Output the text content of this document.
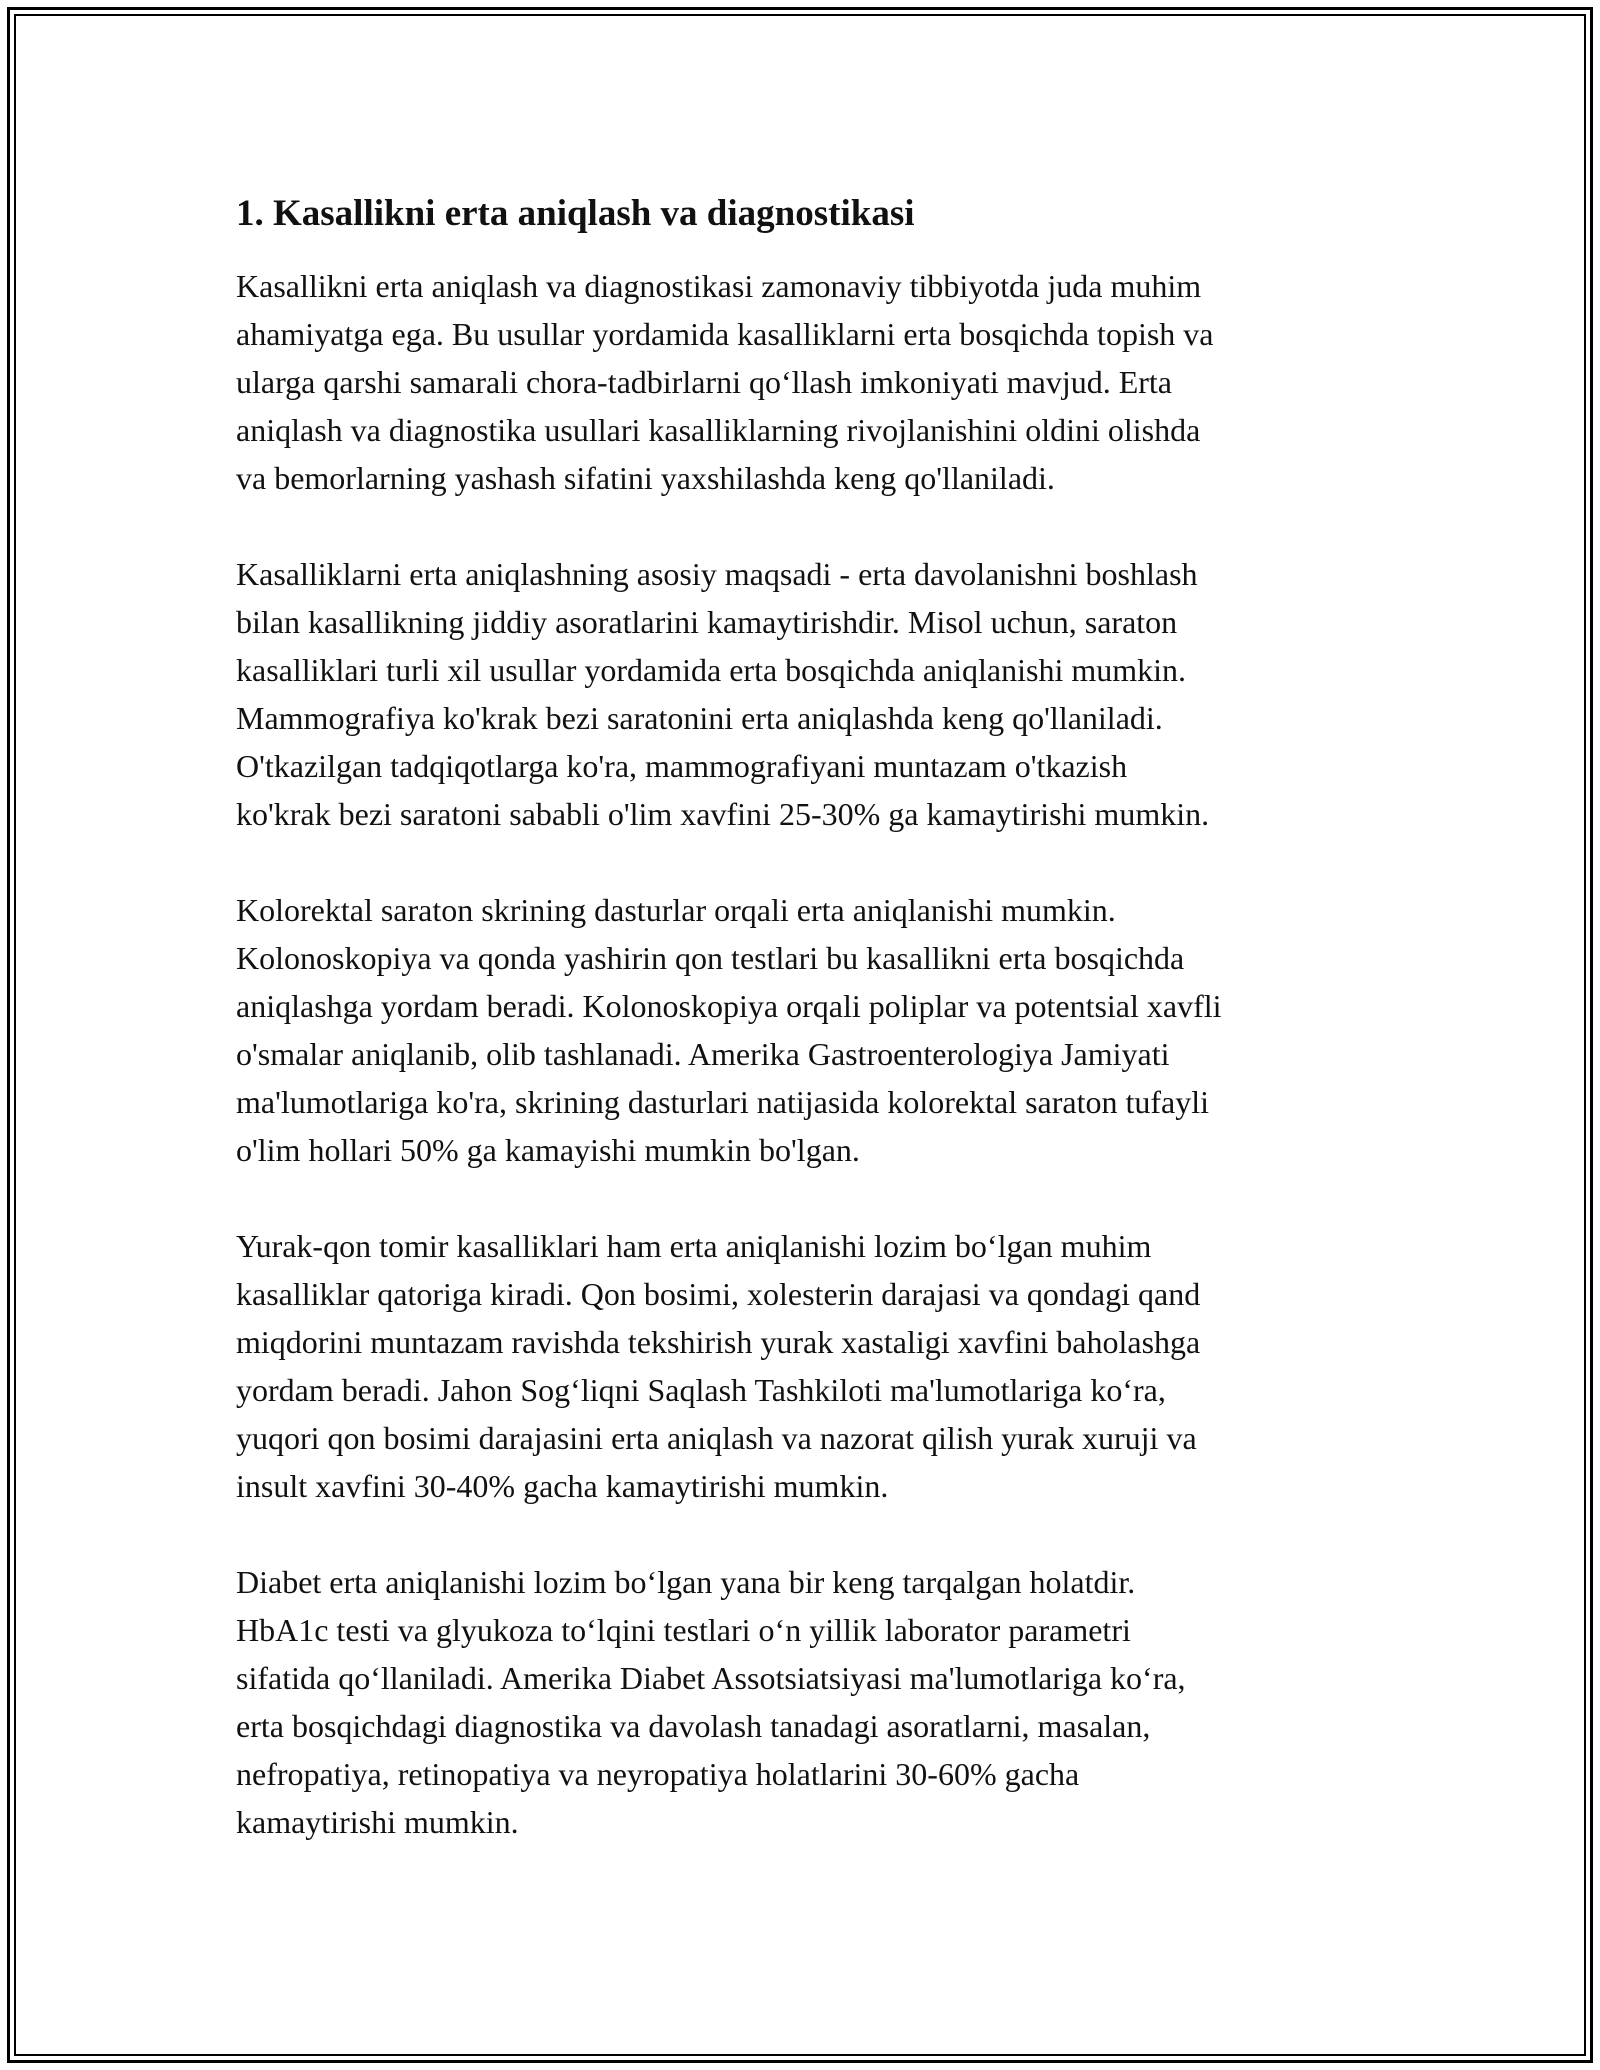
1. Kasallikni erta aniqlash va diagnostikasi

Kasallikni erta aniqlash va diagnostikasi zamonaviy tibbiyotda juda muhim
ahamiyatga ega. Bu usullar yordamida kasalliklarni erta bosqichda topish va
ularga qarshi samarali chora-tadbirlarni qo‘llash imkoniyati mavjud. Erta
aniqlash va diagnostika usullari kasalliklarning rivojlanishini oldini olishda
va bemorlarning yashash sifatini yaxshilashda keng qo'llaniladi.

Kasalliklarni erta aniqlashning asosiy maqsadi - erta davolanishni boshlash
bilan kasallikning jiddiy asoratlarini kamaytirishdir. Misol uchun, saraton
kasalliklari turli xil usullar yordamida erta bosqichda aniqlanishi mumkin.
Mammografiya ko'krak bezi saratonini erta aniqlashda keng qo'llaniladi.
O'tkazilgan tadqiqotlarga ko'ra, mammografiyani muntazam o'tkazish
ko'krak bezi saratoni sababli o'lim xavfini 25-30% ga kamaytirishi mumkin.

Kolorektal saraton skrining dasturlar orqali erta aniqlanishi mumkin.
Kolonoskopiya va qonda yashirin qon testlari bu kasallikni erta bosqichda
aniqlashga yordam beradi. Kolonoskopiya orqali poliplar va potentsial xavfli
o'smalar aniqlanib, olib tashlanadi. Amerika Gastroenterologiya Jamiyati
ma'lumotlariga ko'ra, skrining dasturlari natijasida kolorektal saraton tufayli
o'lim hollari 50% ga kamayishi mumkin bo'lgan.

Yurak-qon tomir kasalliklari ham erta aniqlanishi lozim bo‘lgan muhim
kasalliklar qatoriga kiradi. Qon bosimi, xolesterin darajasi va qondagi qand
miqdorini muntazam ravishda tekshirish yurak xastaligi xavfini baholashga
yordam beradi. Jahon Sog‘liqni Saqlash Tashkiloti ma'lumotlariga ko‘ra,
yuqori qon bosimi darajasini erta aniqlash va nazorat qilish yurak xuruji va
insult xavfini 30-40% gacha kamaytirishi mumkin.

Diabet erta aniqlanishi lozim bo‘lgan yana bir keng tarqalgan holatdir.
HbA1c testi va glyukoza to‘lqini testlari o‘n yillik laborator parametri
sifatida qo‘llaniladi. Amerika Diabet Assotsiatsiyasi ma'lumotlariga ko‘ra,
erta bosqichdagi diagnostika va davolash tanadagi asoratlarni, masalan,
nefropatiya, retinopatiya va neyropatiya holatlarini 30-60% gacha
kamaytirishi mumkin.
